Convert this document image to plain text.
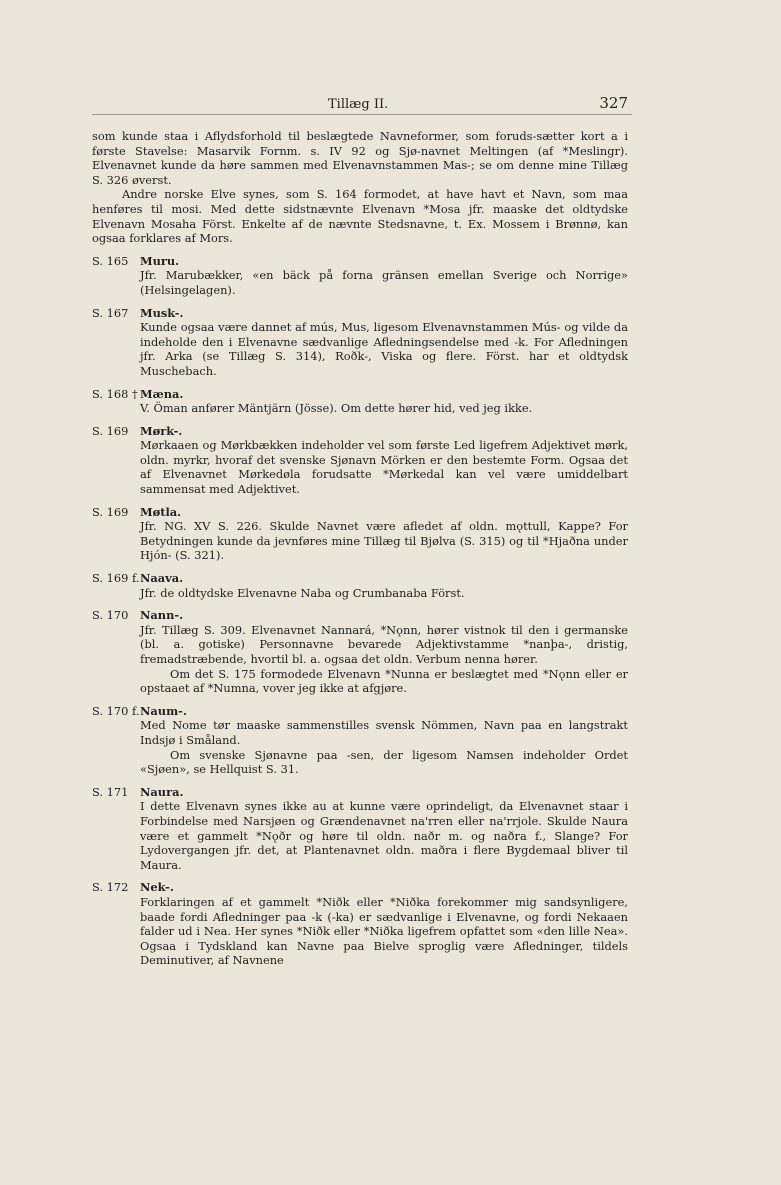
Tillæg II.	327

som kunde staa i Aflydsforhold til beslægtede Navneformer, som foruds-sætter kort a i første Stavelse: Masarvik Fornm. s. IV 92 og Sjø-navnet Meltingen (af *Meslingr). Elvenavnet kunde da høre sammen med Elvenavnstammen Mas-; se om denne mine Tillæg S. 326 øverst.

Andre norske Elve synes, som S. 164 formodet, at have havt et Navn, som maa henføres til mosi. Med dette sidstnævnte Elvenavn *Mosa jfr. maaske det oldtydske Elvenavn Mosaha Först. Enkelte af de nævnte Stedsnavne, t. Ex. Mossem i Brønnø, kan ogsaa forklares af Mors.

S. 165	Muru.

Jfr. Marubækker, «en bäck på forna gränsen emellan Sverige och Norrige» (Helsingelagen).

S. 167	Musk-.

Kunde ogsaa være dannet af mús, Mus, ligesom Elvenavnstammen Mús- og vilde da indeholde den i Elvenavne sædvanlige Afledningsendelse med -k. For Afledningen jfr. Arka (se Tillæg S. 314), Roðk-, Viska og flere. Först. har et oldtydsk Muschebach.

S. 168 † Mæna.

V. Öman anfører Mäntjärn (Jösse). Om dette hører hid, ved jeg ikke.

S. 169	Mørk-.

Mørkaaen og Mørkbækken indeholder vel som første Led ligefrem Adjektivet mørk, oldn. myrkr, hvoraf det svenske Sjønavn Mörken er den bestemte Form. Ogsaa det af Elvenavnet Mørkedøla forudsatte *Mørkedal kan vel være umiddelbart sammensat med Adjektivet.

S. 169	Møtla.

Jfr. NG. XV S. 226. Skulde Navnet være afledet af oldn. mǫttull, Kappe? For Betydningen kunde da jevnføres mine Tillæg til Bjølva (S. 315) og til *Hjaðna under Hjón- (S. 321).

S. 169 f. Naava.

Jfr. de oldtydske Elvenavne Naba og Crumbanaba Först.

S. 170	Nann-.

Jfr. Tillæg S. 309. Elvenavnet Nannará, *Nǫnn, hører vistnok til den i germanske (bl. a. gotiske) Personnavne bevarede Adjektivstamme *nanþa-, dristig, fremadstræbende, hvortil bl. a. ogsaa det oldn. Verbum nenna hører.

Om det S. 175 formodede Elvenavn *Nunna er beslægtet med *Nǫnn eller er opstaaet af *Numna, vover jeg ikke at afgjøre.

S. 170 f. Naum-.

Med Nome tør maaske sammenstilles svensk Nömmen, Navn paa en langstrakt Indsjø i Småland.

Om svenske Sjønavne paa -sen, der ligesom Namsen indeholder Ordet «Sjøen», se Hellquist S. 31.

S. 171	Naura.

I dette Elvenavn synes ikke au at kunne være oprindeligt, da Elvenavnet staar i Forbindelse med Narsjøen og Grændenavnet na'rren eller na'rrjole. Skulde Naura være et gammelt *Nǫðr og høre til oldn. naðr m. og naðra f., Slange? For Lydovergangen jfr. det, at Plantenavnet oldn. maðra i flere Bygdemaal bliver til Maura.

S. 172	Nek-.

Forklaringen af et gammelt *Niðk eller *Niðka forekommer mig sandsynligere, baade fordi Afledninger paa -k (-ka) er sædvanlige i Elvenavne, og fordi Nekaaen falder ud i Nea. Her synes *Niðk eller *Niðka ligefrem opfattet som «den lille Nea». Ogsaa i Tydskland kan Navne paa Bielve sproglig være Afledninger, tildels Deminutiver, af Navnene
